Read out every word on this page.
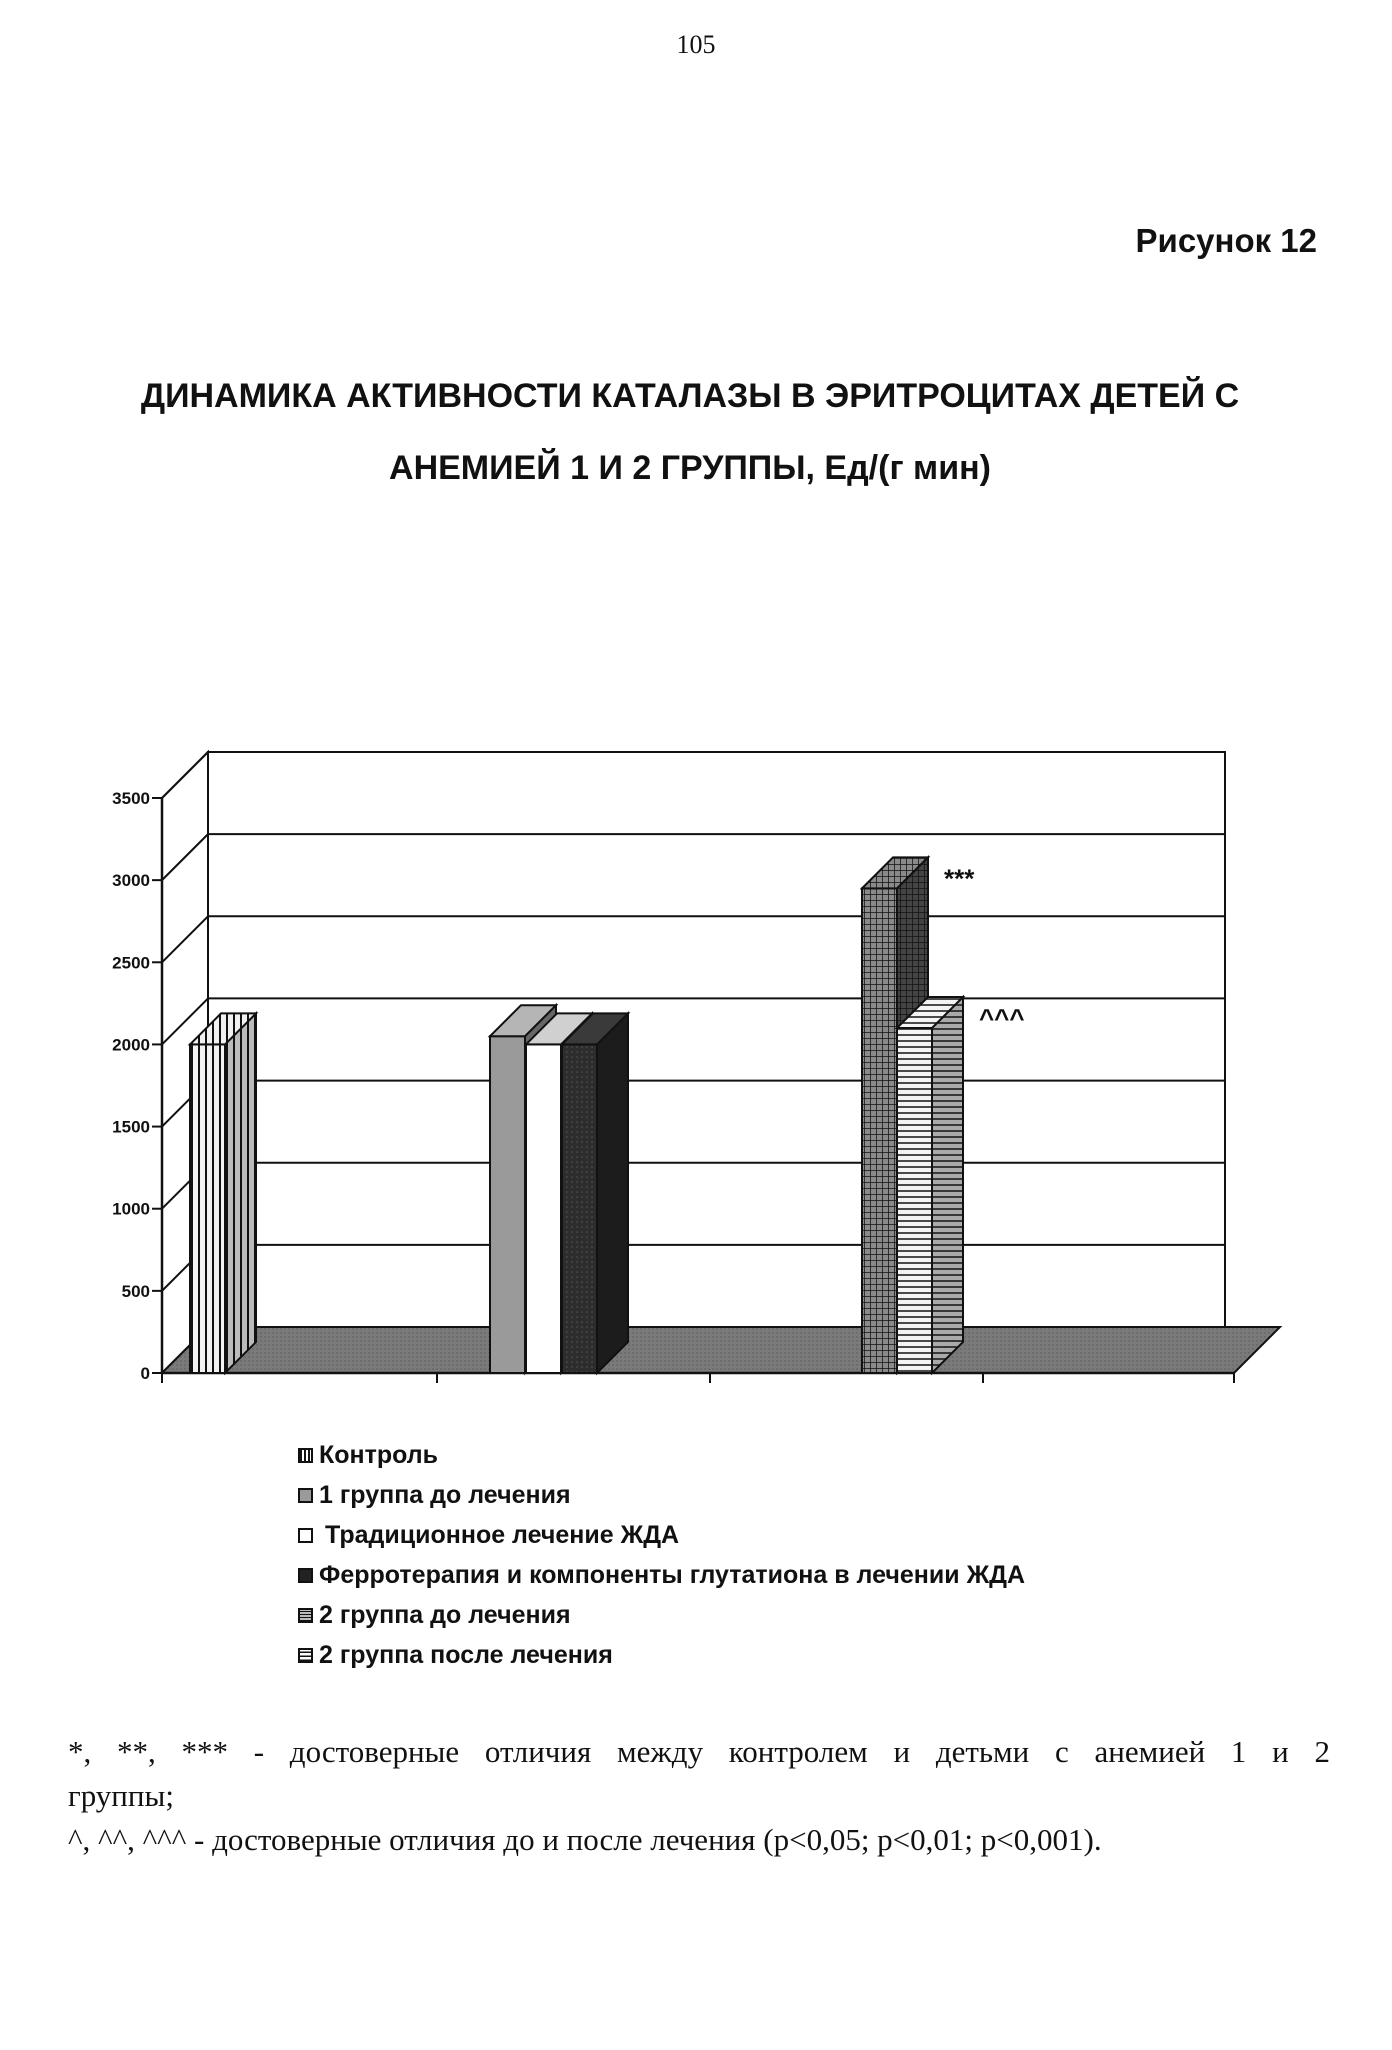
105
Рисунок 12
ДИНАМИКА АКТИВНОСТИ КАТАЛАЗЫ В ЭРИТРОЦИТАХ ДЕТЕЙ С
АНЕМИЕЙ 1 И 2 ГРУППЫ, Ед/(г мин)
0
500
1000
1500
2000
2500
3000
3500
***
^^^
Контроль
1 группа до лечения
Традиционное лечение ЖДА
Ферротерапия и компоненты глутатиона в лечении ЖДА
2 группа до лечения
2 группа после лечения
*, **, *** - достоверные отличия между контролем и детьми с анемией 1 и 2
группы;
^, ^^, ^^^ - достоверные отличия до и после лечения (p<0,05; p<0,01; p<0,001).
